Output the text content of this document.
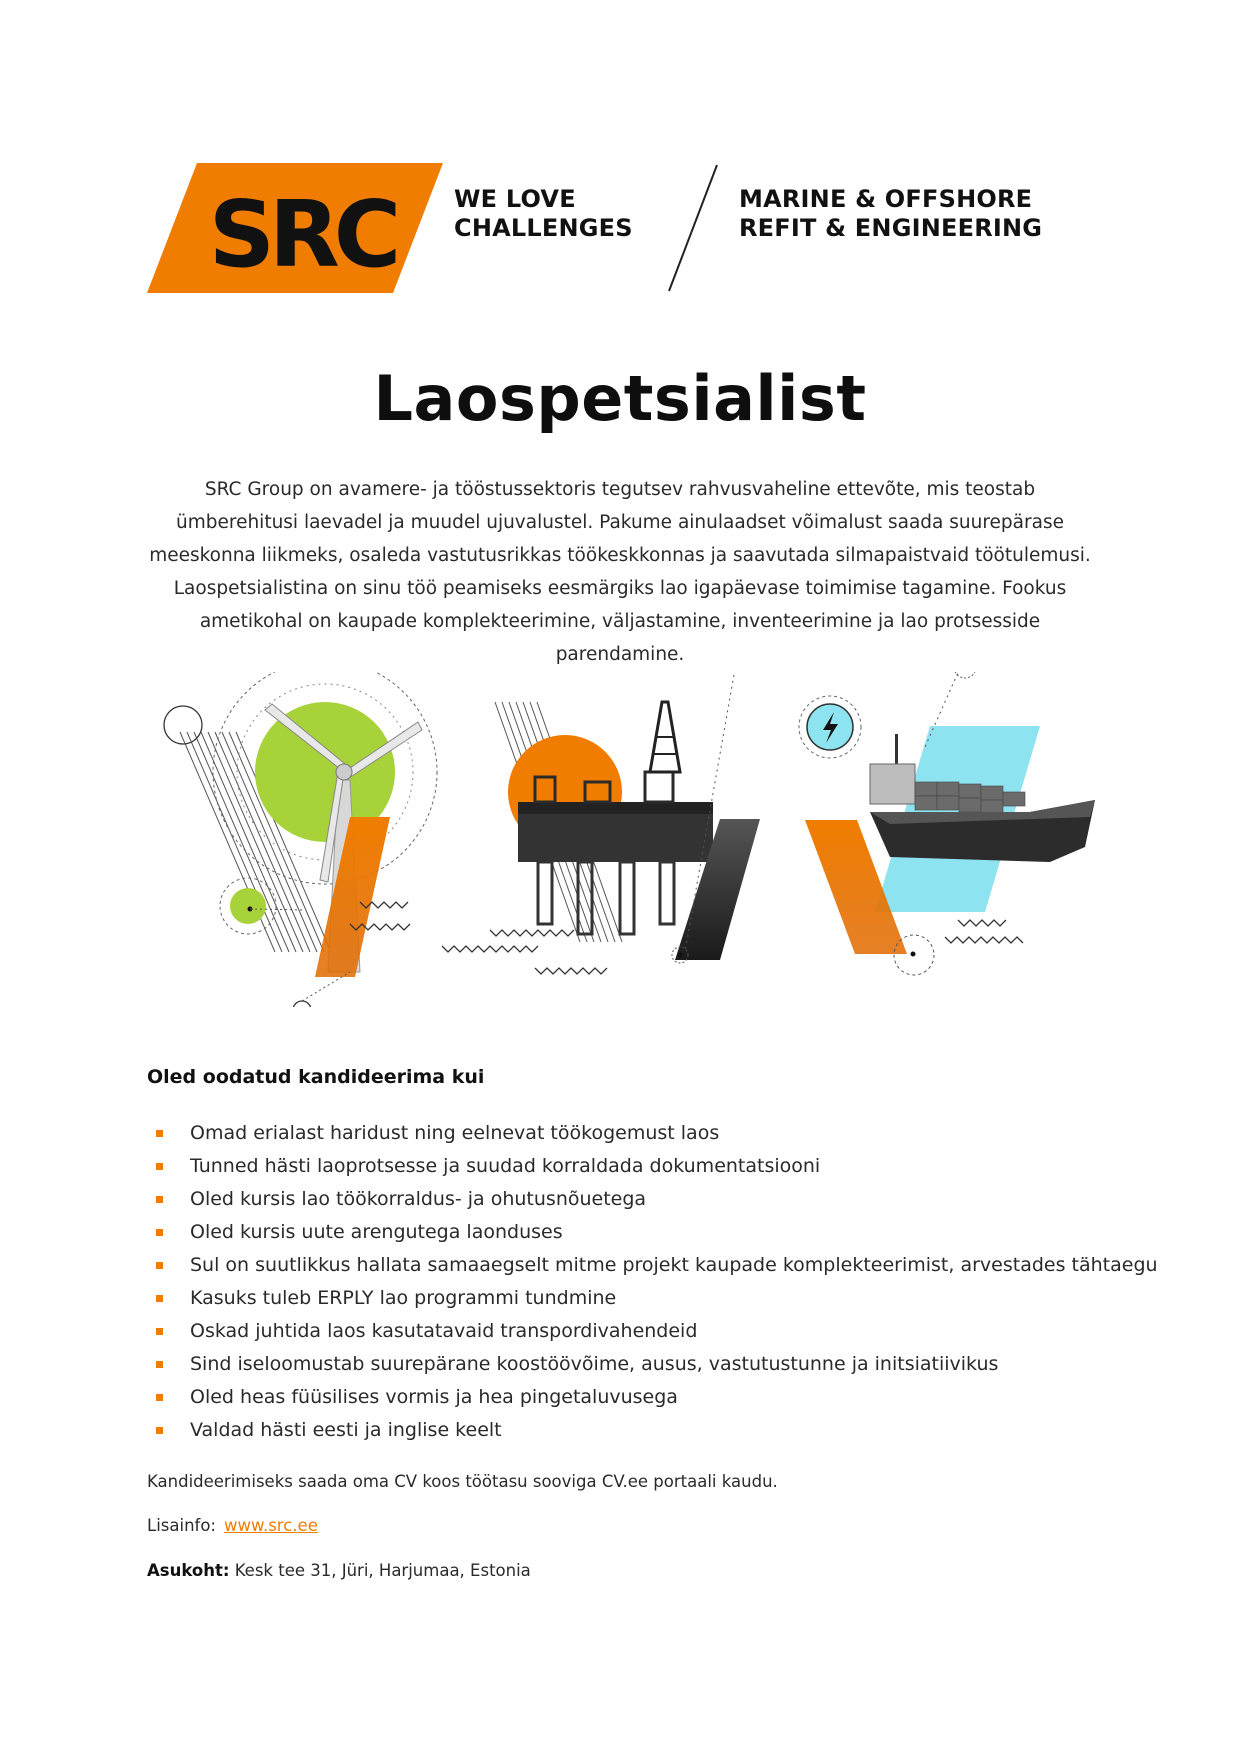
SRC WE LOVE
CHALLENGES
MARINE & OFFSHORE
REFIT & ENGINEERING
Laospetsialist
SRC Group on avamere- ja tööstussektoris tegutsev rahvusvaheline ettevõte, mis teostab
ümberehitusi laevadel ja muudel ujuvalustel. Pakume ainulaadset võimalust saada suurepärase
meeskonna liikmeks, osaleda vastutusrikkas töökeskkonnas ja saavutada silmapaistvaid töötulemusi.
Laospetsialistina on sinu töö peamiseks eesmärgiks lao igapäevase toimimise tagamine. Fookus
ametikohal on kaupade komplekteerimine, väljastamine, inventeerimine ja lao protsesside parendamine.
Oled oodatud kandideerima kui
Omad erialast haridust ning eelnevat töökogemust laos
Tunned hästi laoprotsesse ja suudad korraldada dokumentatsiooni
Oled kursis lao töökorraldus- ja ohutusnõuetega
Oled kursis uute arengutega laonduses
Sul on suutlikkus hallata samaaegselt mitme projekt kaupade komplekteerimist, arvestades tähtaegu
Kasuks tuleb ERPLY lao programmi tundmine
Oskad juhtida laos kasutatavaid transpordivahendeid
Sind iseloomustab suurepärane koostöövõime, ausus, vastutustunne ja initsiatiivikus
Oled heas füüsilises vormis ja hea pingetaluvusega
Valdad hästi eesti ja inglise keelt

Kandideerimiseks saada oma CV koos töötasu sooviga CV.ee portaali kaudu.

Lisainfo: www.src.ee

Asukoht: Kesk tee 31, Jüri, Harjumaa, Estonia
